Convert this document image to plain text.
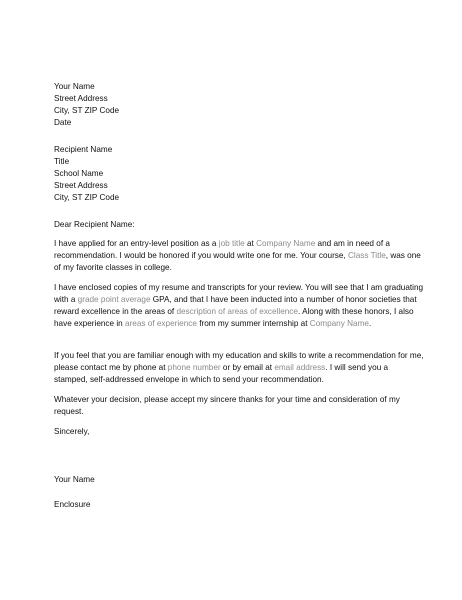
Your Name
Street Address
City, ST ZIP Code
Date
Recipient Name
Title
School Name
Street Address
City, ST ZIP Code
Dear Recipient Name:
I have applied for an entry-level position as a job title at Company Name and am in need of a recommendation. I would be honored if you would write one for me. Your course, Class Title, was one of my favorite classes in college.
I have enclosed copies of my resume and transcripts for your review. You will see that I am graduating with a grade point average GPA, and that I have been inducted into a number of honor societies that reward excellence in the areas of description of areas of excellence. Along with these honors, I also have experience in areas of experience from my summer internship at Company Name.
If you feel that you are familiar enough with my education and skills to write a recommendation for me, please contact me by phone at phone number or by email at email address. I will send you a stamped, self-addressed envelope in which to send your recommendation.
Whatever your decision, please accept my sincere thanks for your time and consideration of my request.
Sincerely,
Your Name
Enclosure
